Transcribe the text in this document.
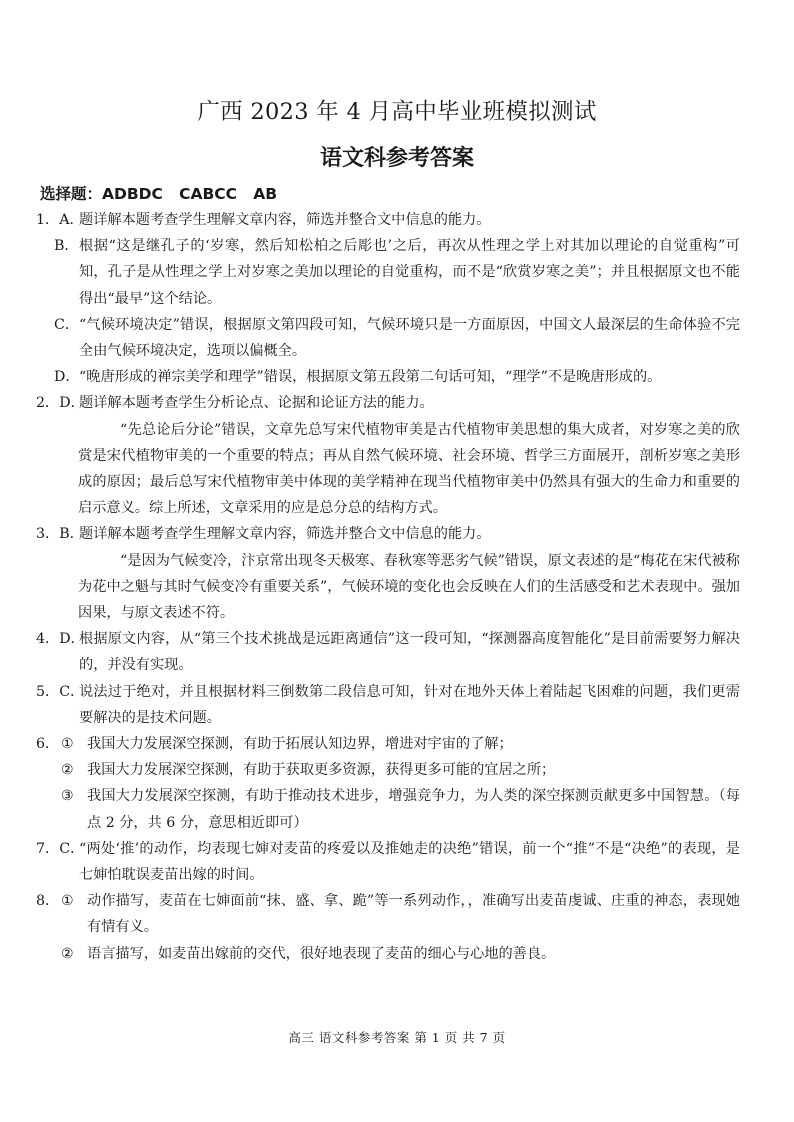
广西 2023 年 4 月高中毕业班模拟测试
语文科参考答案
选择题：ADBDC   CABCC   AB
1．A．
题详解本题考查学生理解文章内容，筛选并整合文中信息的能力。
B． 根据“这是继孔子的‘岁寒，然后知松柏之后彫也’之后，再次从性理之学上对其加以理论的自觉重构”可知，孔子是从性理之学上对岁寒之美加以理论的自觉重构，而不是“欣赏岁寒之美”；并且根据原文也不能得出“最早”这个结论。
C． “气候环境决定”错误，根据原文第四段可知，气候环境只是一方面原因，中国文人最深层的生命体验不完全由气候环境决定，选项以偏概全。
D． “晚唐形成的禅宗美学和理学”错误，根据原文第五段第二句话可知，“理学”不是晚唐形成的。
2．D．
题详解本题考查学生分析论点、论据和论证方法的能力。
“先总论后分论”错误，文章先总写宋代植物审美是古代植物审美思想的集大成者，对岁寒之美的欣赏是宋代植物审美的一个重要的特点；再从自然气候环境、社会环境、哲学三方面展开，剖析岁寒之美形成的原因；最后总写宋代植物审美中体现的美学精神在现当代植物审美中仍然具有强大的生命力和重要的启示意义。综上所述，文章采用的应是总分总的结构方式。
3．B．
题详解本题考查学生理解文章内容，筛选并整合文中信息的能力。
“是因为气候变冷，汴京常出现冬天极寒、春秋寒等恶劣气候”错误，原文表述的是“梅花在宋代被称为花中之魁与其时气候变冷有重要关系”，气候环境的变化也会反映在人们的生活感受和艺术表现中。强加因果，与原文表述不符。
4．D．
根据原文内容，从“第三个技术挑战是远距离通信”这一段可知，“探测器高度智能化”是目前需要努力解决的，并没有实现。
5．C．
说法过于绝对，并且根据材料三倒数第二段信息可知，针对在地外天体上着陆起飞困难的问题，我们更需要解决的是技术问题。
6． ① 我国大力发展深空探测，有助于拓展认知边界，增进对宇宙的了解；
② 我国大力发展深空探测，有助于获取更多资源，获得更多可能的宜居之所；
③ 我国大力发展深空探测，有助于推动技术进步，增强竞争力，为人类的深空探测贡献更多中国智慧。（每点 2 分，共 6 分，意思相近即可）
7．C．
“两处‘推’的动作，均表现七婶对麦苗的疼爱以及推她走的决绝”错误，前一个“推”不是“决绝”的表现，是七婶怕耽误麦苗出嫁的时间。
8． ① 动作描写，麦苗在七婶面前“抹、盛、拿、跪”等一系列动作，，准确写出麦苗虔诚、庄重的神态，表现她有情有义。
② 语言描写，如麦苗出嫁前的交代，很好地表现了麦苗的细心与心地的善良。
高三 语文科参考答案 第 1 页 共 7 页
